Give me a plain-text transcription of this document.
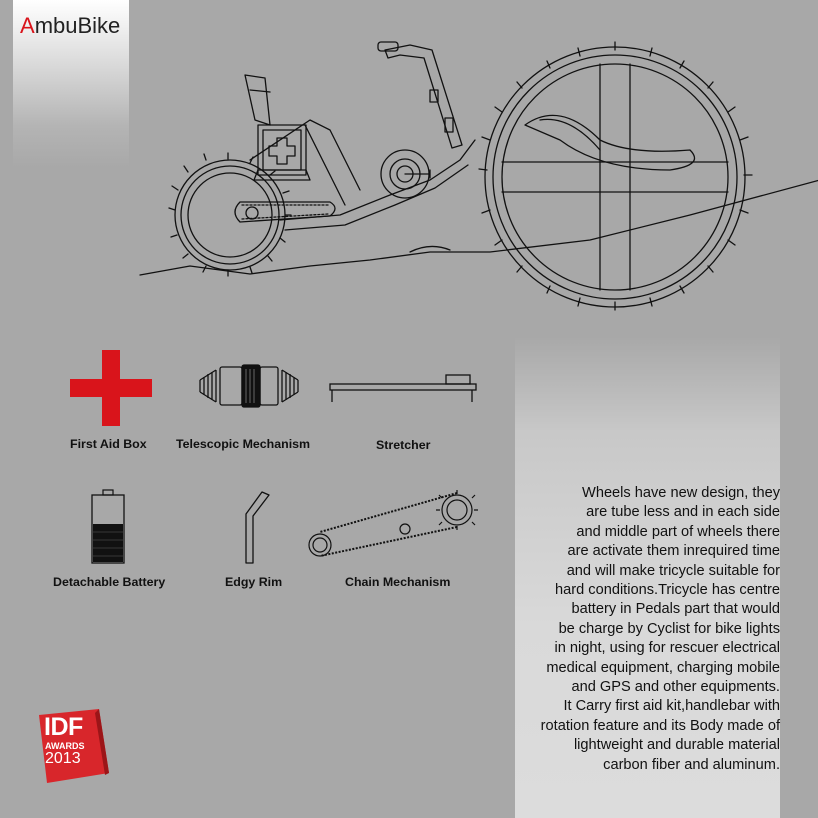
AmbuBike
First Aid Box Telescopic Mechanism	Stretcher
Detachable Battery	Edgy Rim	Chain Mechanism
Wheels have new design, they
are tube less and in each side
and middle part of wheels there
are activate them inrequired time
and will make tricycle suitable for
hard conditions.Tricycle has centre
battery in Pedals part that would
be charge by Cyclist for bike lights
in night, using for rescuer electrical
medical equipment, charging mobile
and GPS and other equipments.
It Carry first aid kit,handlebar with
rotation feature and its Body made of
lightweight and durable material
carbon fiber and aluminum.
IDF
AWARDS
2013
